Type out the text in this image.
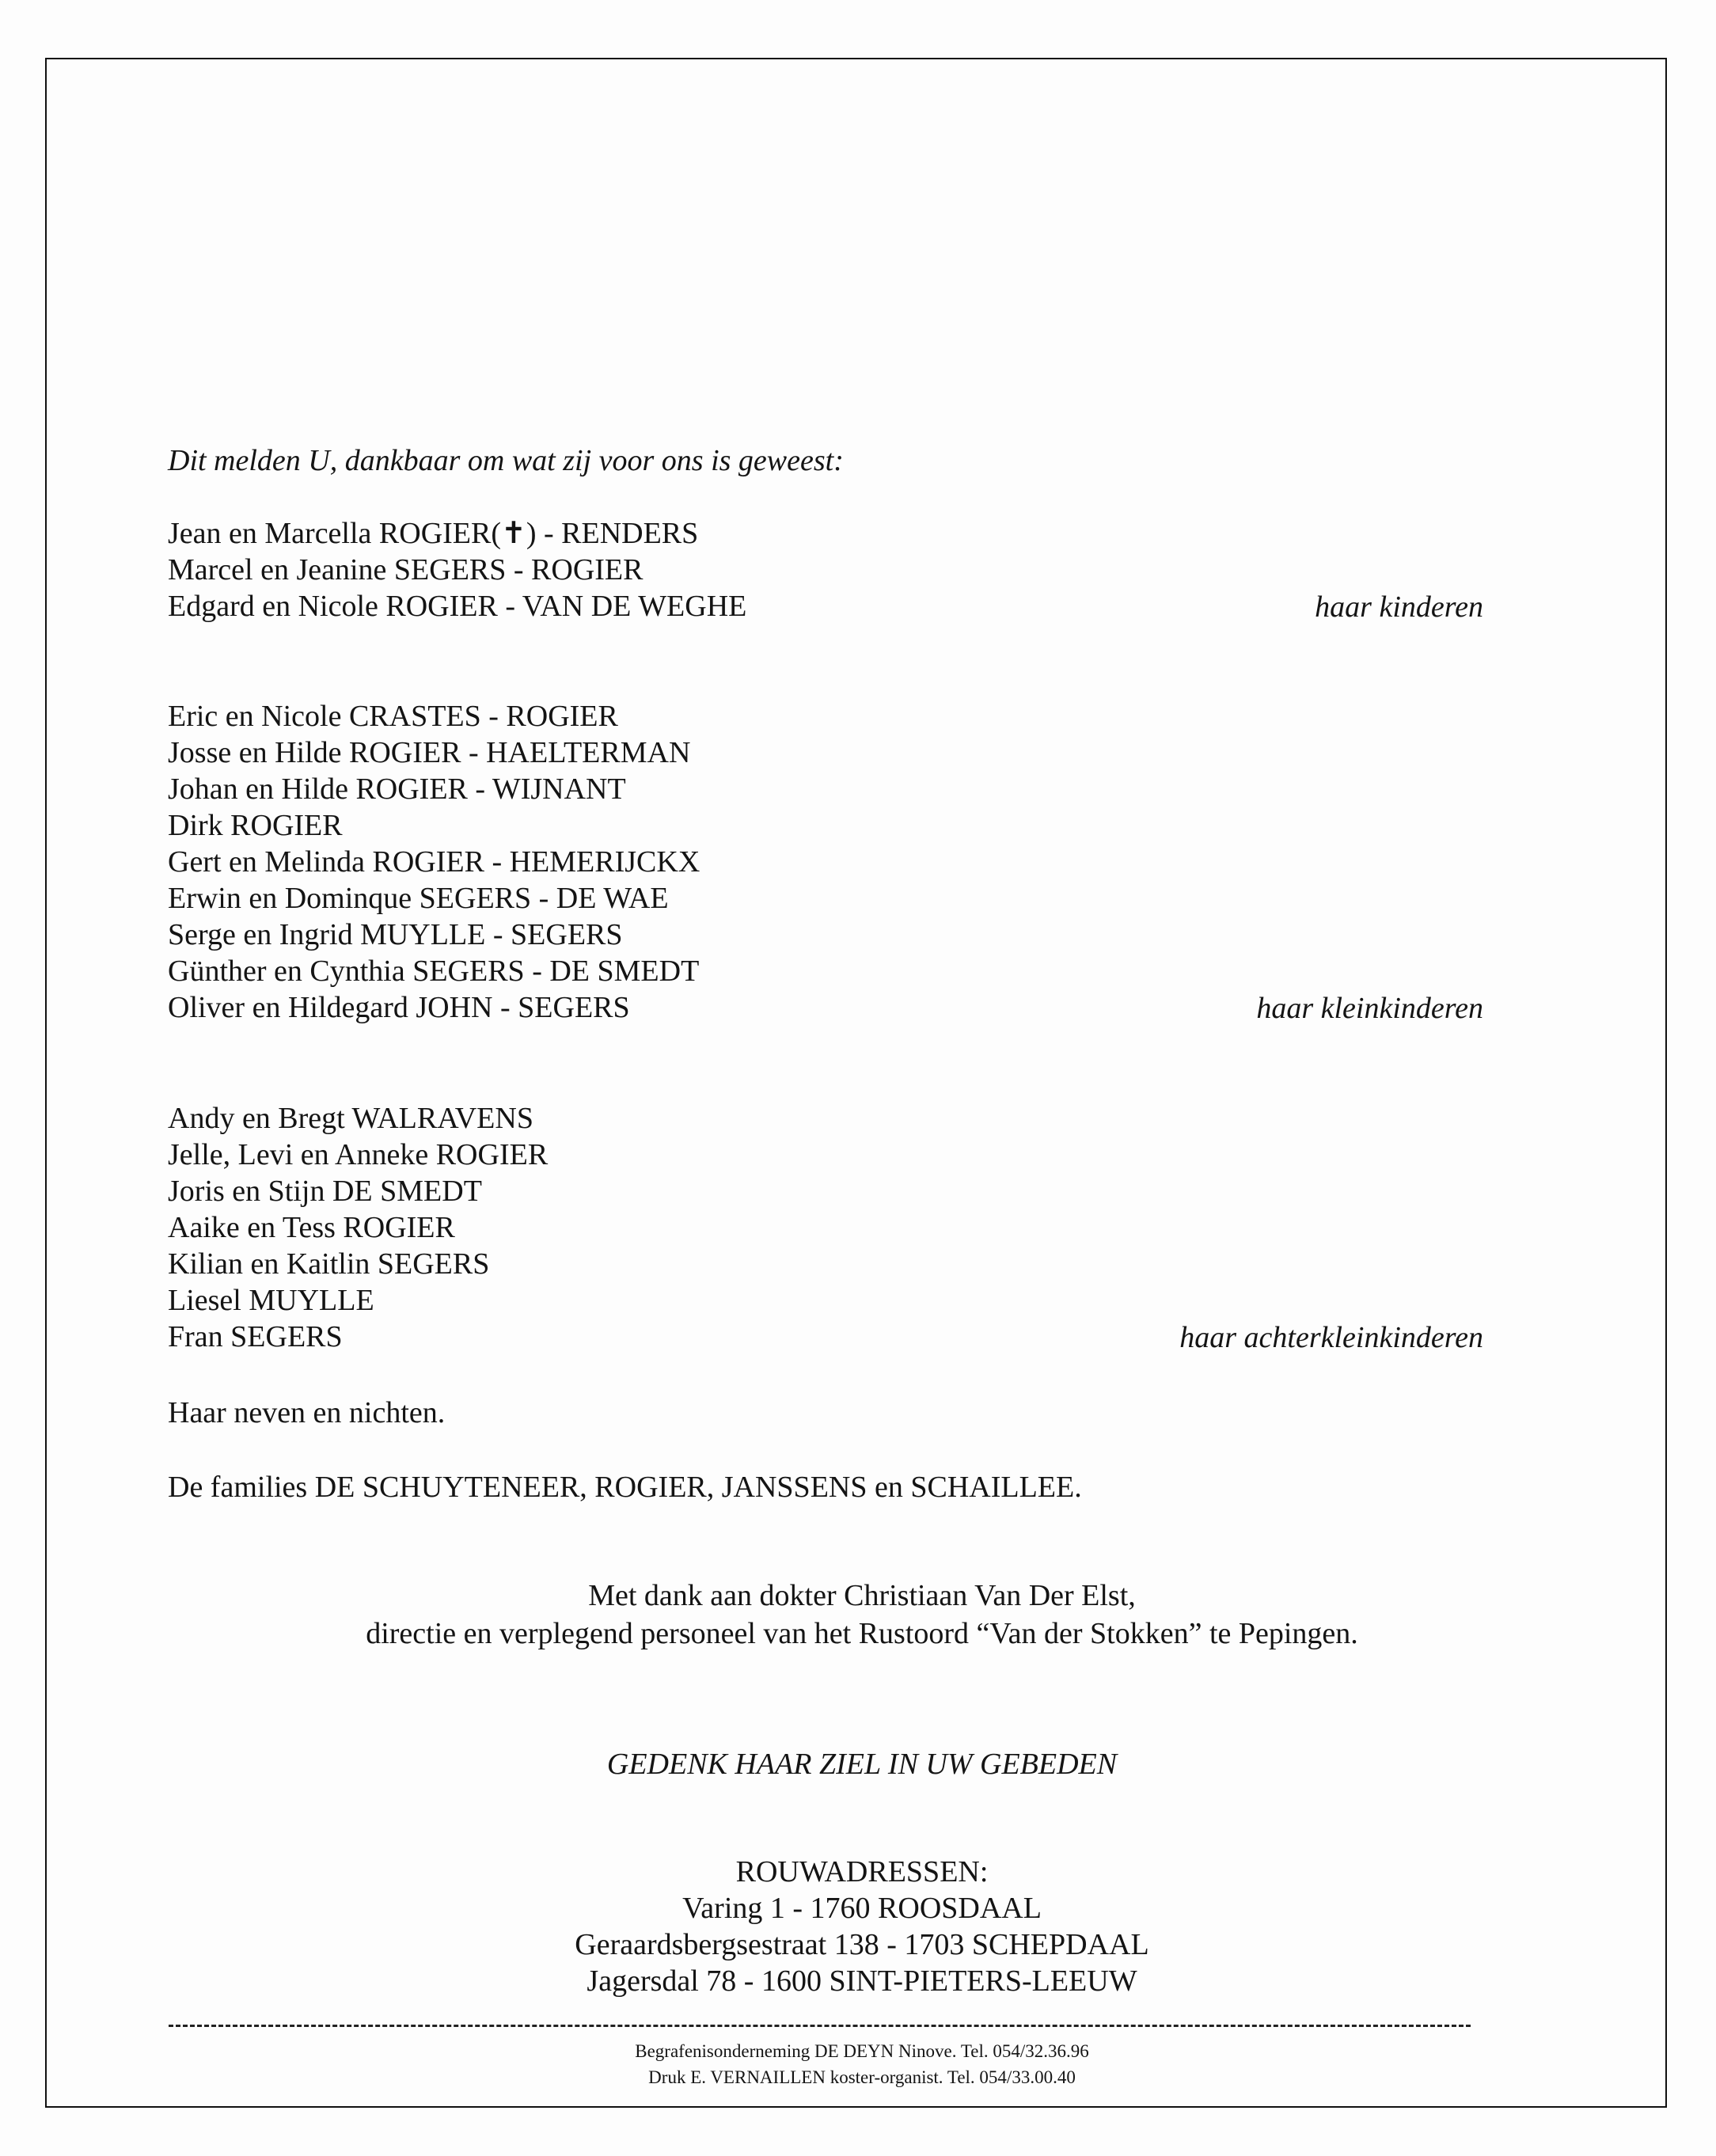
Dit melden U, dankbaar om wat zij voor ons is geweest:
Jean en Marcella ROGIER(✝) - RENDERS
Marcel en Jeanine SEGERS - ROGIER
Edgard en Nicole ROGIER - VAN DE WEGHE	haar kinderen
Eric en Nicole CRASTES - ROGIER
Josse en Hilde ROGIER - HAELTERMAN
Johan en Hilde ROGIER - WIJNANT
Dirk ROGIER
Gert en Melinda ROGIER - HEMERIJCKX
Erwin en Dominque SEGERS - DE WAE
Serge en Ingrid MUYLLE - SEGERS
Günther en Cynthia SEGERS - DE SMEDT
Oliver en Hildegard JOHN - SEGERS	haar kleinkinderen
Andy en Bregt WALRAVENS
Jelle, Levi en Anneke ROGIER
Joris en Stijn DE SMEDT
Aaike en Tess ROGIER
Kilian en Kaitlin SEGERS
Liesel MUYLLE
Fran SEGERS	haar achterkleinkinderen
Haar neven en nichten.
De families DE SCHUYTENEER, ROGIER, JANSSENS en SCHAILLEE.
Met dank aan dokter Christiaan Van Der Elst,
directie en verplegend personeel van het Rustoord “Van der Stokken” te Pepingen.
GEDENK HAAR ZIEL IN UW GEBEDEN
ROUWADRESSEN:
Varing 1 - 1760 ROOSDAAL
Geraardsbergsestraat 138 - 1703 SCHEPDAAL
Jagersdal 78 - 1600 SINT-PIETERS-LEEUW
Begrafenisonderneming DE DEYN Ninove. Tel. 054/32.36.96
Druk E. VERNAILLEN koster-organist. Tel. 054/33.00.40
